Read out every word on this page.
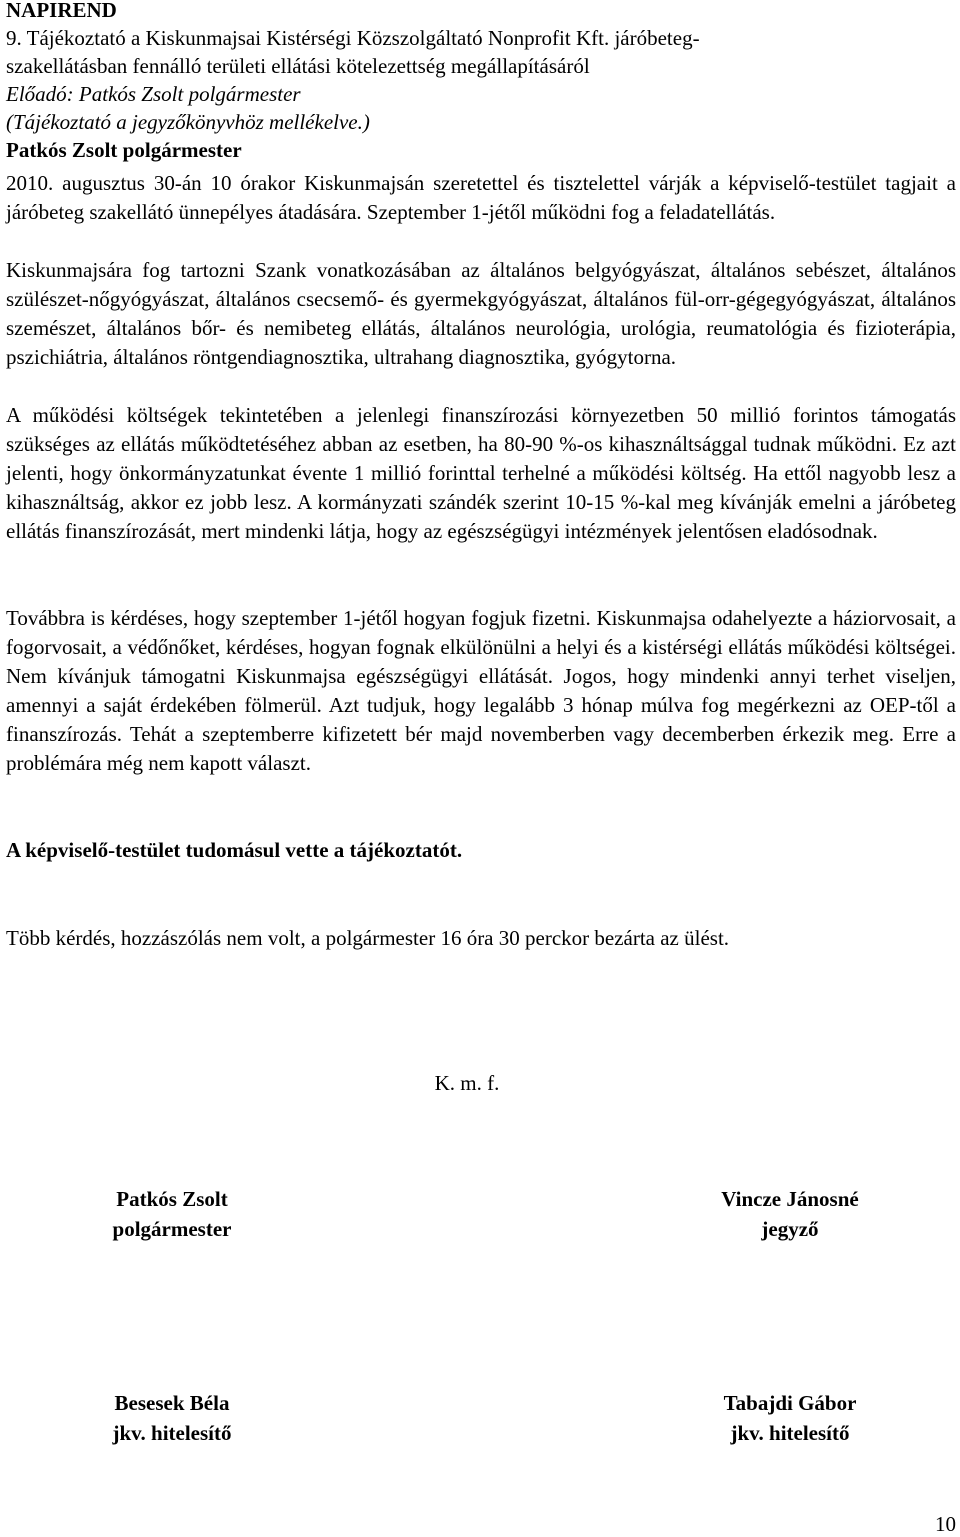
NAPIREND

9. Tájékoztató a Kiskunmajsai Kistérségi Közszolgáltató Nonprofit Kft. járóbeteg-

szakellátásban fennálló területi ellátási kötelezettség megállapításáról

Előadó: Patkós Zsolt polgármester

(Tájékoztató a jegyzőkönyvhöz mellékelve.)

Patkós Zsolt polgármester

2010. augusztus 30-án 10 órakor Kiskunmajsán szeretettel és tisztelettel várják a képviselő-testület tagjait a járóbeteg szakellátó ünnepélyes átadására. Szeptember 1-jétől működni fog a feladatellátás.

Kiskunmajsára fog tartozni Szank vonatkozásában az általános belgyógyászat, általános sebészet, általános szülészet-nőgyógyászat, általános csecsemő- és gyermekgyógyászat, általános fül-orr-gégegyógyászat, általános szemészet, általános bőr- és nemibeteg ellátás, általános neurológia, urológia, reumatológia és fizioterápia, pszichiátria, általános röntgendiagnosztika, ultrahang diagnosztika, gyógytorna.

A működési költségek tekintetében a jelenlegi finanszírozási környezetben 50 millió forintos támogatás szükséges az ellátás működtetéséhez abban az esetben, ha 80-90 %-os kihasználtsággal tudnak működni. Ez azt jelenti, hogy önkormányzatunkat évente 1 millió forinttal terhelné a működési költség. Ha ettől nagyobb lesz a kihasználtság, akkor ez jobb lesz. A kormányzati szándék szerint 10-15 %-kal meg kívánják emelni a járóbeteg ellátás finanszírozását, mert mindenki látja, hogy az egészségügyi intézmények jelentősen eladósodnak.

Továbbra is kérdéses, hogy szeptember 1-jétől hogyan fogjuk fizetni. Kiskunmajsa odahelyezte a háziorvosait, a fogorvosait, a védőnőket, kérdéses, hogyan fognak elkülönülni a helyi és a kistérségi ellátás működési költségei. Nem kívánjuk támogatni Kiskunmajsa egészségügyi ellátását. Jogos, hogy mindenki annyi terhet viseljen, amennyi a saját érdekében fölmerül. Azt tudjuk, hogy legalább 3 hónap múlva fog megérkezni az OEP-től a finanszírozás. Tehát a szeptemberre kifizetett bér majd novemberben vagy decemberben érkezik meg. Erre a problémára még nem kapott választ.

A képviselő-testület tudomásul vette a tájékoztatót.

Több kérdés, hozzászólás nem volt, a polgármester 16 óra 30 perckor bezárta az ülést.

K. m. f.

Patkós Zsolt
polgármester
Vincze Jánosné
jegyző
Besesek Béla
jkv. hitelesítő
Tabajdi Gábor
jkv. hitelesítő
10
